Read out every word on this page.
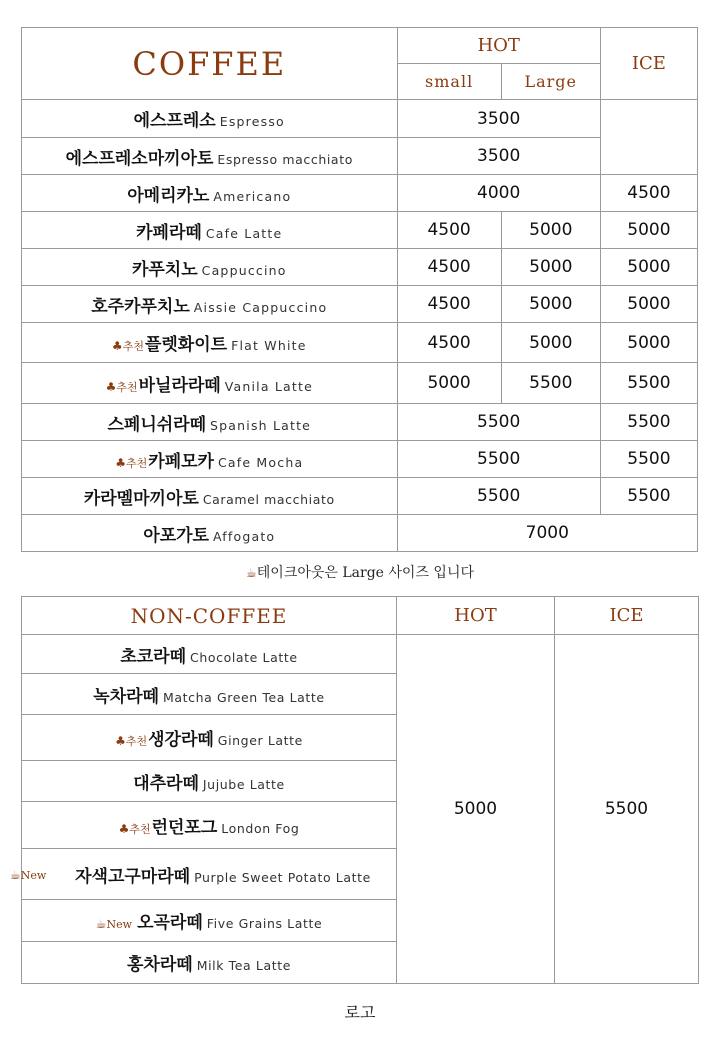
COFFEE	HOT		ICE
	small	Large	
에스프레소 Espresso	3500		
에스프레소마끼아토 Espresso macchiato	3500		
아메리카노 Americano	4000		4500
카페라떼 Cafe Latte	4500	5000	5000
카푸치노 Cappuccino	4500	5000	5000
호주카푸치노 Aissie Cappuccino	4500	5000	5000
♣추천플렛화이트 Flat White	4500	5000	5000
♣추천바닐라라떼 Vanila Latte	5000	5500	5500
스페니쉬라떼 Spanish Latte	5500		5500
♣추천카페모카 Cafe Mocha	5500		5500
카라멜마끼아토 Caramel macchiato	5500		5500
아포가토 Affogato	7000		
☕테이크아웃은 Large 사이즈 입니다
NON-COFFEE	HOT	ICE
초코라떼 Chocolate Latte	5000	5500
녹차라떼 Matcha Green Tea Latte		
♣추천생강라떼 Ginger Latte		
대추라떼 Jujube Latte		
♣추천런던포그 London Fog		

☕New 자색고구마라떼 Purple Sweet Potato Latte		
☕New 오곡라떼 Five Grains Latte		
홍차라떼 Milk Tea Latte		
로고
